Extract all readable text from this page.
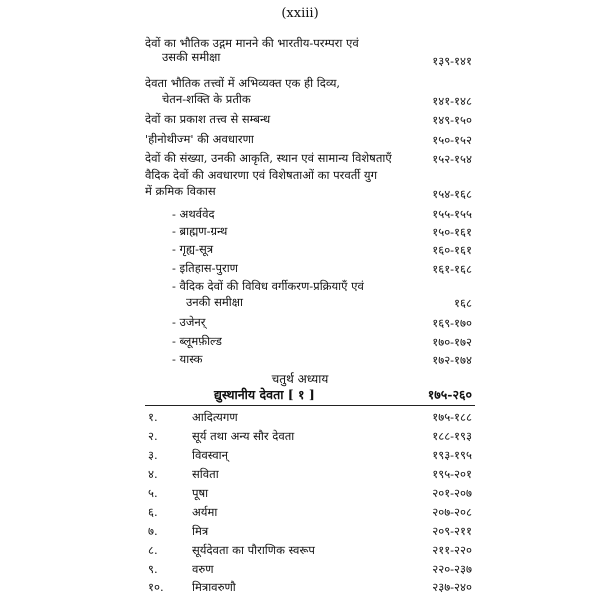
(xxiii)
देवों का भौतिक उद्गम मानने की भारतीय-परम्परा एवं
उसकी समीक्षा	१३९-१४१
देवता भौतिक तत्त्वों में अभिव्यक्त एक ही दिव्य,
चेतन-शक्ति के प्रतीक	१४१-१४८
देवों का प्रकाश तत्त्व से सम्बन्ध	१४९-१५०
'हीनोथीज्म' की अवधारणा	१५०-१५२
देवों की संख्या, उनकी आकृति, स्थान एवं सामान्य विशेषताएँ	१५२-१५४
वैदिक देवों की अवधारणा एवं विशेषताओं का परवर्ती युग
में क्रमिक विकास	१५४-१६८
- अथर्ववेद	१५५-१५५
- ब्राह्मण-ग्रन्थ	१५०-१६१
- गृह्य-सूत्र	१६०-१६१
- इतिहास-पुराण	१६१-१६८
- वैदिक देवों की विविध वर्गीकरण-प्रक्रियाएँ एवं
उनकी समीक्षा	१६८
- उजेनर्	१६९-१७०
- ब्लूमफ़ील्ड	१७०-१७२
- यास्क	१७२-१७४
चतुर्थ अध्याय
द्युस्थानीय देवता [ १ ]	१७५-२६०
१.	आदित्यगण	१७५-१८८
२.	सूर्य तथा अन्य सौर देवता	१८८-१९३
३.	विवस्वान्	१९३-१९५
४.	सविता	१९५-२०१
५.	पूषा	२०१-२०७
६.	अर्यमा	२०७-२०८
७.	मित्र	२०९-२११
८.	सूर्यदेवता का पौराणिक स्वरूप	२११-२२०
९.	वरुण	२२०-२३७
१०. मित्रावरुणौ	२३७-२४०
